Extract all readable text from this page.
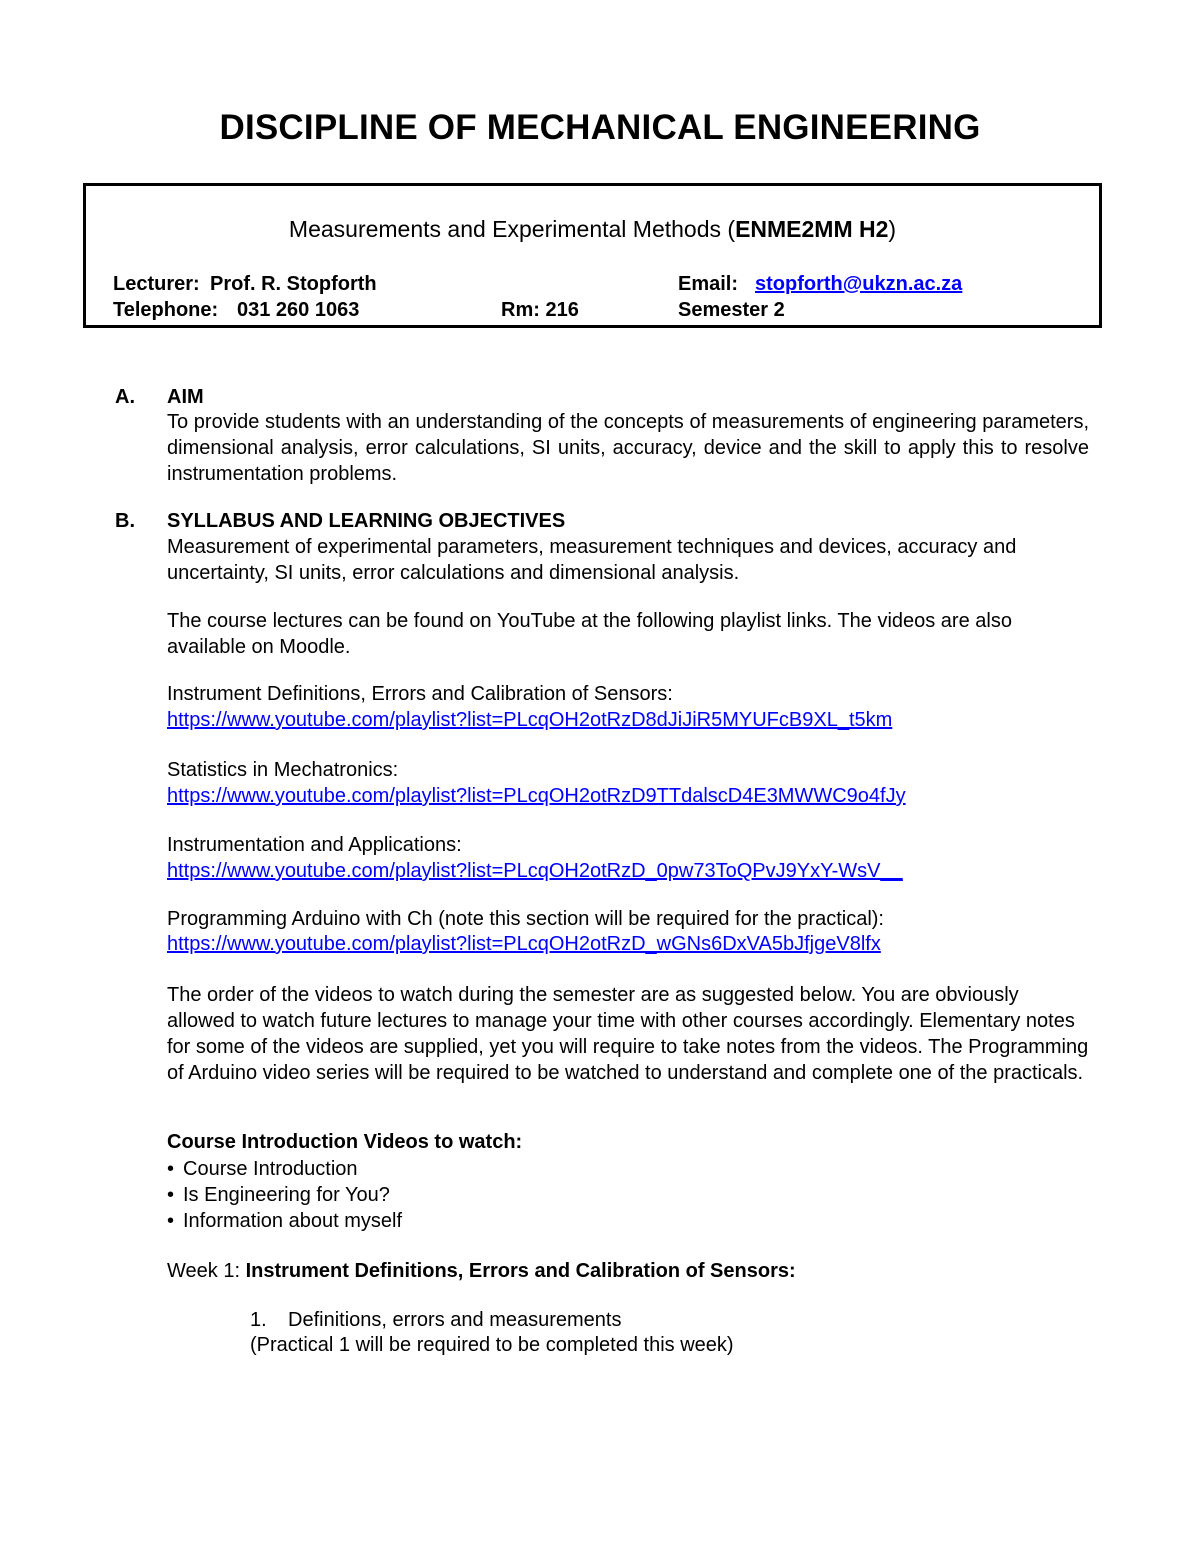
DISCIPLINE OF MECHANICAL ENGINEERING
Measurements and Experimental Methods (ENME2MM H2)
Lecturer: Prof. R. Stopforth	Email: stopforth@ukzn.ac.za
Telephone: 031 260 1063	Rm: 216	Semester 2
A. AIM
To provide students with an understanding of the concepts of measurements of engineering parameters, dimensional analysis, error calculations, SI units, accuracy, device and the skill to apply this to resolve instrumentation problems.
B. SYLLABUS AND LEARNING OBJECTIVES
Measurement of experimental parameters, measurement techniques and devices, accuracy and uncertainty, SI units, error calculations and dimensional analysis.
The course lectures can be found on YouTube at the following playlist links. The videos are also available on Moodle.
Instrument Definitions, Errors and Calibration of Sensors:
https://www.youtube.com/playlist?list=PLcqOH2otRzD8dJiJiR5MYUFcB9XL_t5km
Statistics in Mechatronics:
https://www.youtube.com/playlist?list=PLcqOH2otRzD9TTdalscD4E3MWWC9o4fJy
Instrumentation and Applications:
https://www.youtube.com/playlist?list=PLcqOH2otRzD_0pw73ToQPvJ9YxY-WsV__
Programming Arduino with Ch (note this section will be required for the practical):
https://www.youtube.com/playlist?list=PLcqOH2otRzD_wGNs6DxVA5bJfjgeV8lfx
The order of the videos to watch during the semester are as suggested below. You are obviously allowed to watch future lectures to manage your time with other courses accordingly. Elementary notes for some of the videos are supplied, yet you will require to take notes from the videos. The Programming of Arduino video series will be required to be watched to understand and complete one of the practicals.
Course Introduction Videos to watch:
• Course Introduction
• Is Engineering for You?
• Information about myself
Week 1: Instrument Definitions, Errors and Calibration of Sensors:
1. Definitions, errors and measurements
(Practical 1 will be required to be completed this week)
